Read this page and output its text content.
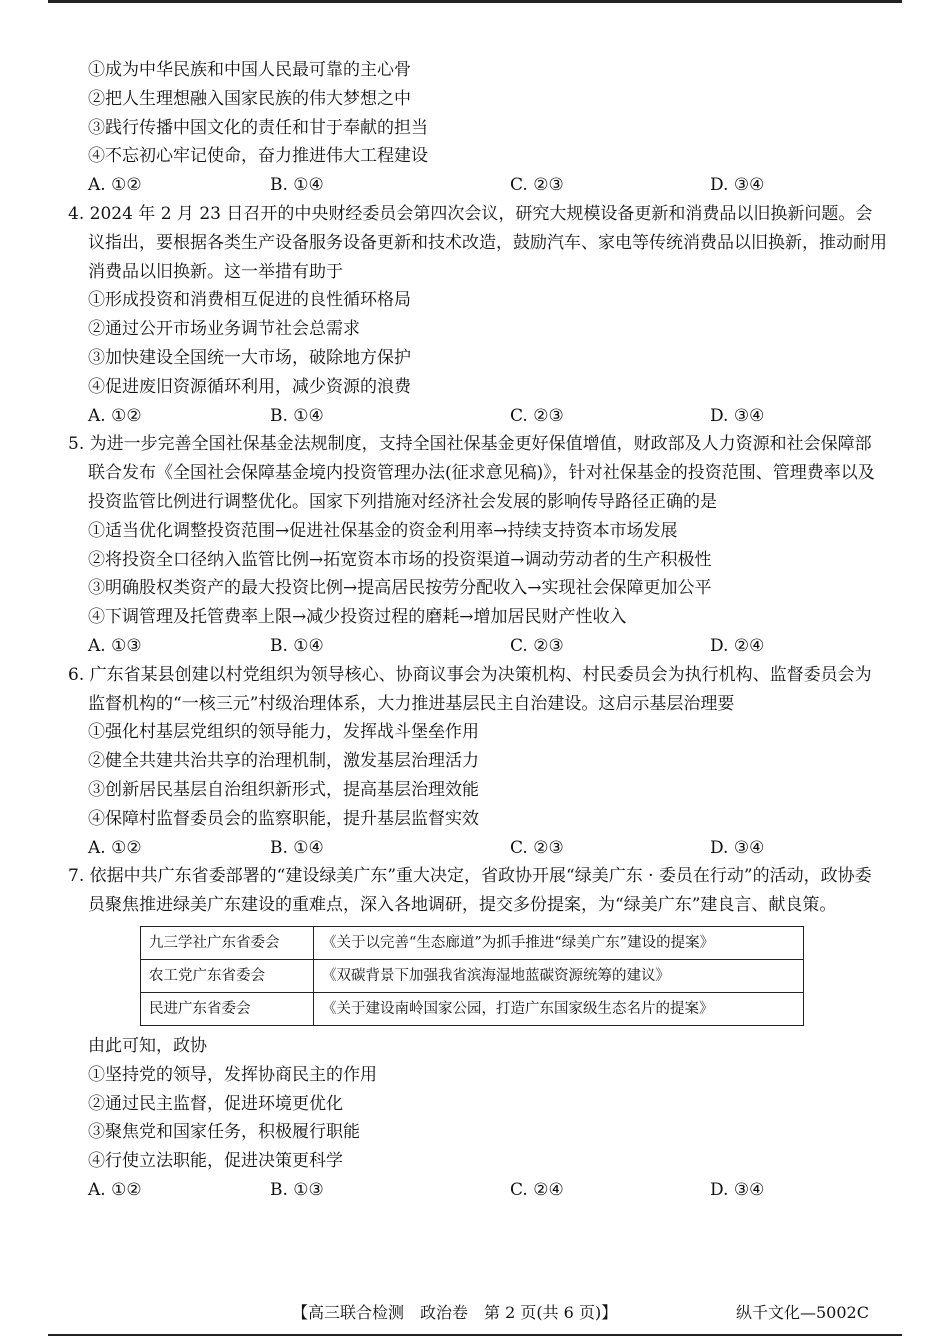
①成为中华民族和中国人民最可靠的主心骨
②把人生理想融入国家民族的伟大梦想之中
③践行传播中国文化的责任和甘于奉献的担当
④不忘初心牢记使命，奋力推进伟大工程建设
A. ①②	B. ①④	C. ②③	D. ③④
4. 2024 年 2 月 23 日召开的中央财经委员会第四次会议，研究大规模设备更新和消费品以旧换新问题。会议指出，要根据各类生产设备服务设备更新和技术改造，鼓励汽车、家电等传统消费品以旧换新，推动耐用消费品以旧换新。这一举措有助于
①形成投资和消费相互促进的良性循环格局
②通过公开市场业务调节社会总需求
③加快建设全国统一大市场，破除地方保护
④促进废旧资源循环利用，减少资源的浪费
A. ①②	B. ①④	C. ②③	D. ③④
5. 为进一步完善全国社保基金法规制度，支持全国社保基金更好保值增值，财政部及人力资源和社会保障部联合发布《全国社会保障基金境内投资管理办法(征求意见稿)》，针对社保基金的投资范围、管理费率以及投资监管比例进行调整优化。国家下列措施对经济社会发展的影响传导路径正确的是
①适当优化调整投资范围→促进社保基金的资金利用率→持续支持资本市场发展
②将投资全口径纳入监管比例→拓宽资本市场的投资渠道→调动劳动者的生产积极性
③明确股权类资产的最大投资比例→提高居民按劳分配收入→实现社会保障更加公平
④下调管理及托管费率上限→减少投资过程的磨耗→增加居民财产性收入
A. ①③	B. ①④	C. ②③	D. ②④
6. 广东省某县创建以村党组织为领导核心、协商议事会为决策机构、村民委员会为执行机构、监督委员会为监督机构的“一核三元”村级治理体系，大力推进基层民主自治建设。这启示基层治理要
①强化村基层党组织的领导能力，发挥战斗堡垒作用
②健全共建共治共享的治理机制，激发基层治理活力
③创新居民基层自治组织新形式，提高基层治理效能
④保障村监督委员会的监察职能，提升基层监督实效
A. ①②	B. ①④	C. ②③	D. ③④
7. 依据中共广东省委部署的“建设绿美广东”重大决定，省政协开展“绿美广东 · 委员在行动”的活动，政协委员聚焦推进绿美广东建设的重难点，深入各地调研，提交多份提案，为“绿美广东”建良言、献良策。
九三学社广东省委会	《关于以完善“生态廊道”为抓手推进“绿美广东”建设的提案》
农工党广东省委会	《双碳背景下加强我省滨海湿地蓝碳资源统筹的建议》
民进广东省委会	《关于建设南岭国家公园，打造广东国家级生态名片的提案》
由此可知，政协
①坚持党的领导，发挥协商民主的作用
②通过民主监督，促进环境更优化
③聚焦党和国家任务，积极履行职能
④行使立法职能，促进决策更科学
A. ①②	B. ①③	C. ②④	D. ③④
【高三联合检测　政治卷　第 2 页(共 6 页)】	纵千文化—5002C
